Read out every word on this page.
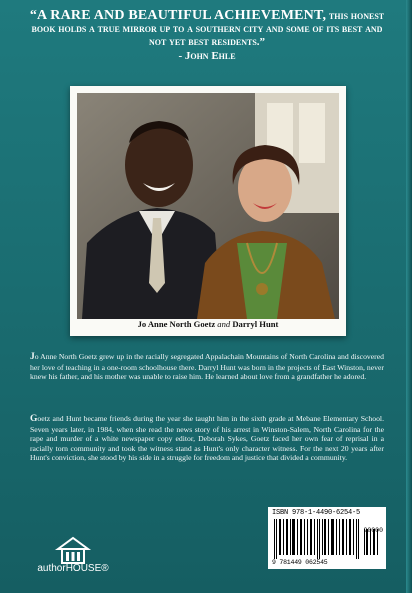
“A RARE AND BEAUTIFUL ACHIEVEMENT, this honest book holds a true mirror up to a southern city and some of its best and not yet best residents.”
- John Ehle
Jo Anne North Goetz and Darryl Hunt
Jo Anne North Goetz grew up in the racially segregated Appalachain Mountains of North Carolina and discovered her love of teaching in a one-room schoolhouse there. Darryl Hunt was born in the projects of East Winston, never knew his father, and his mother was unable to raise him. He learned about love from a grandfather he adored.
Goetz and Hunt became friends during the year she taught him in the sixth grade at Mebane Elementary School. Seven years later, in 1984, when she read the news story of his arrest in Winston-Salem, North Carolina for the rape and murder of a white newspaper copy editor, Deborah Sykes, Goetz faced her own fear of reprisal in a racially torn community and took the witness stand as Hunt's only character witness. For the next 20 years after Hunt's conviction, she stood by his side in a struggle for freedom and justice that divided a community.
authorHOUSE®
ISBN 978-1-4490-6254-5
90000
9 781449 062545
